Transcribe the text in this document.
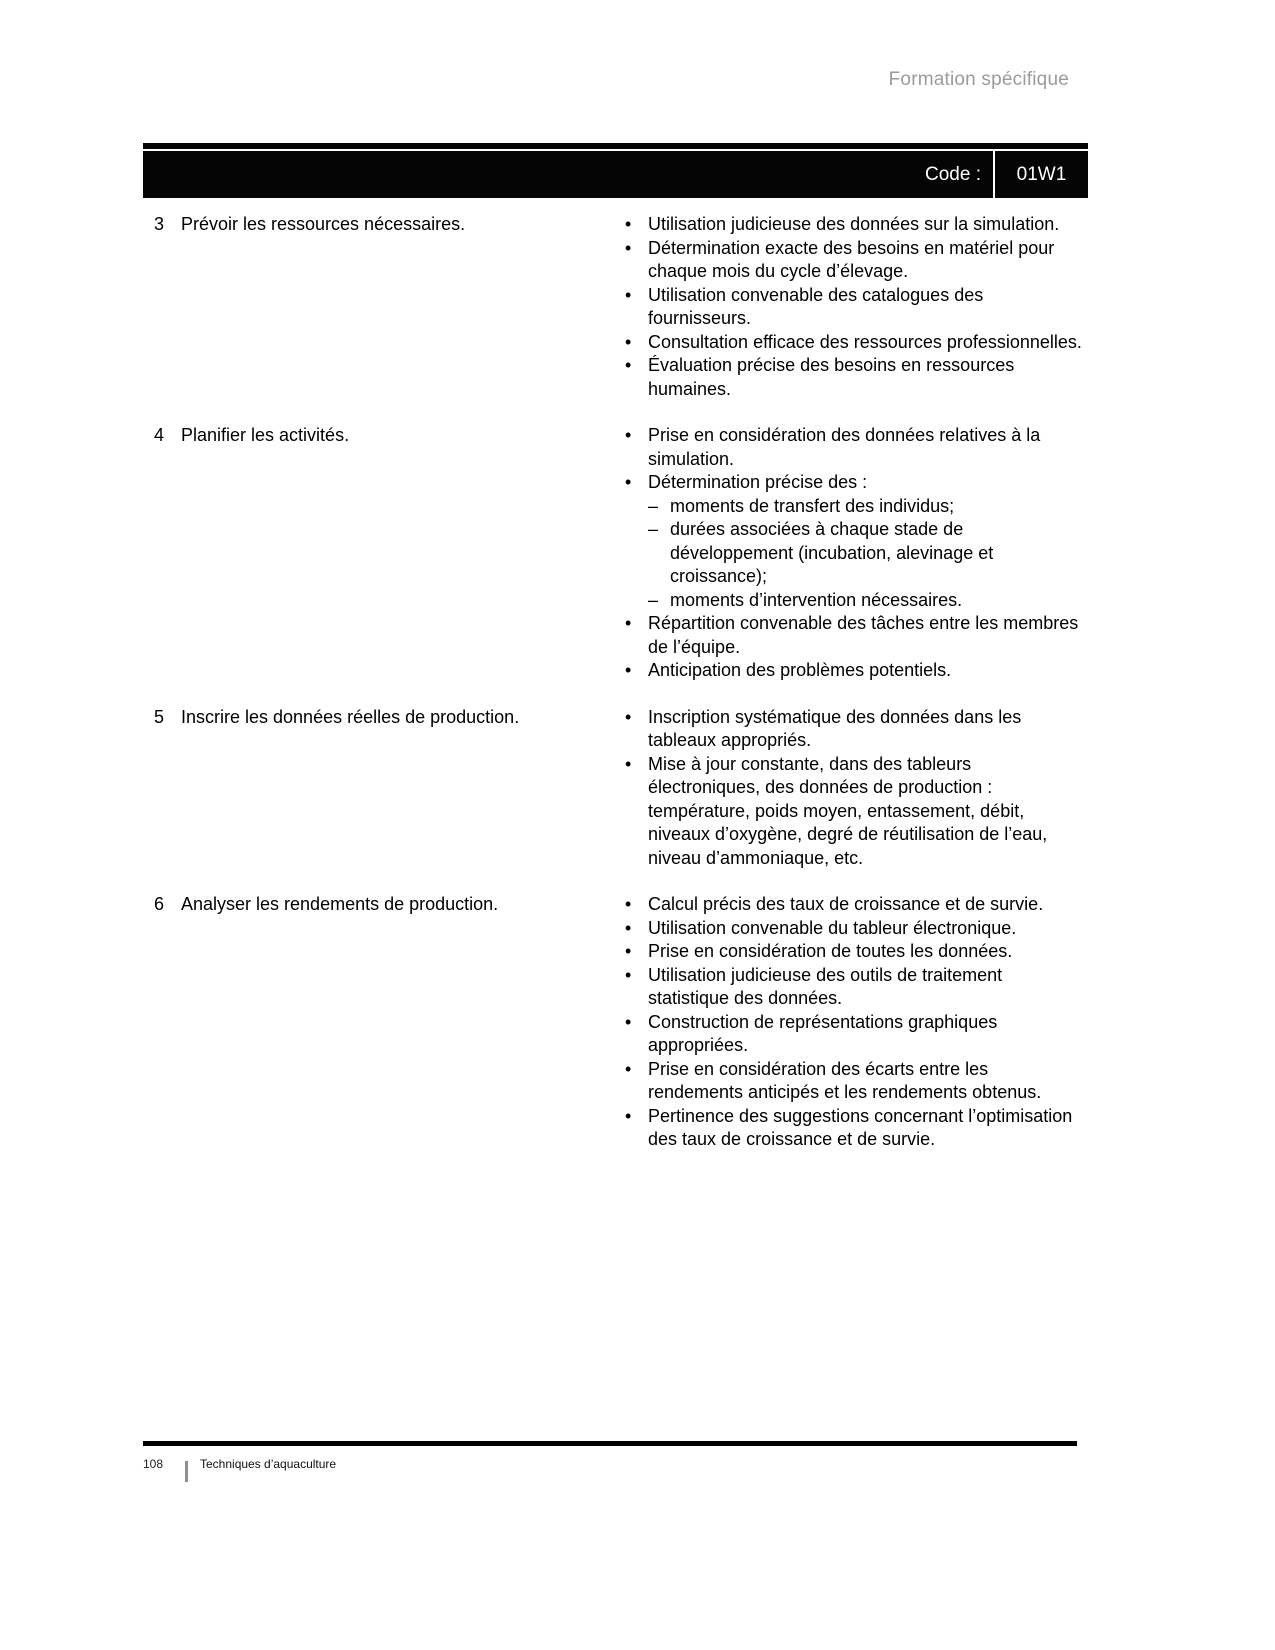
Formation spécifique
Code :	01W1
3 Prévoir les ressources nécessaires.	• Utilisation judicieuse des données sur la simulation.
• Détermination exacte des besoins en matériel pour chaque mois du cycle d’élevage.
• Utilisation convenable des catalogues des fournisseurs.
• Consultation efficace des ressources professionnelles.
• Évaluation précise des besoins en ressources humaines.
4 Planifier les activités.	• Prise en considération des données relatives à la simulation.
• Détermination précise des :
– moments de transfert des individus;
– durées associées à chaque stade de développement (incubation, alevinage et croissance);
– moments d’intervention nécessaires.
• Répartition convenable des tâches entre les membres de l’équipe.
• Anticipation des problèmes potentiels.
5 Inscrire les données réelles de production.	• Inscription systématique des données dans les tableaux appropriés.
• Mise à jour constante, dans des tableurs électroniques, des données de production : température, poids moyen, entassement, débit, niveaux d’oxygène, degré de réutilisation de l’eau, niveau d’ammoniaque, etc.
6 Analyser les rendements de production.	• Calcul précis des taux de croissance et de survie.
• Utilisation convenable du tableur électronique.
• Prise en considération de toutes les données.
• Utilisation judicieuse des outils de traitement statistique des données.
• Construction de représentations graphiques appropriées.
• Prise en considération des écarts entre les rendements anticipés et les rendements obtenus.
• Pertinence des suggestions concernant l’optimisation des taux de croissance et de survie.
108	Techniques d’aquaculture
